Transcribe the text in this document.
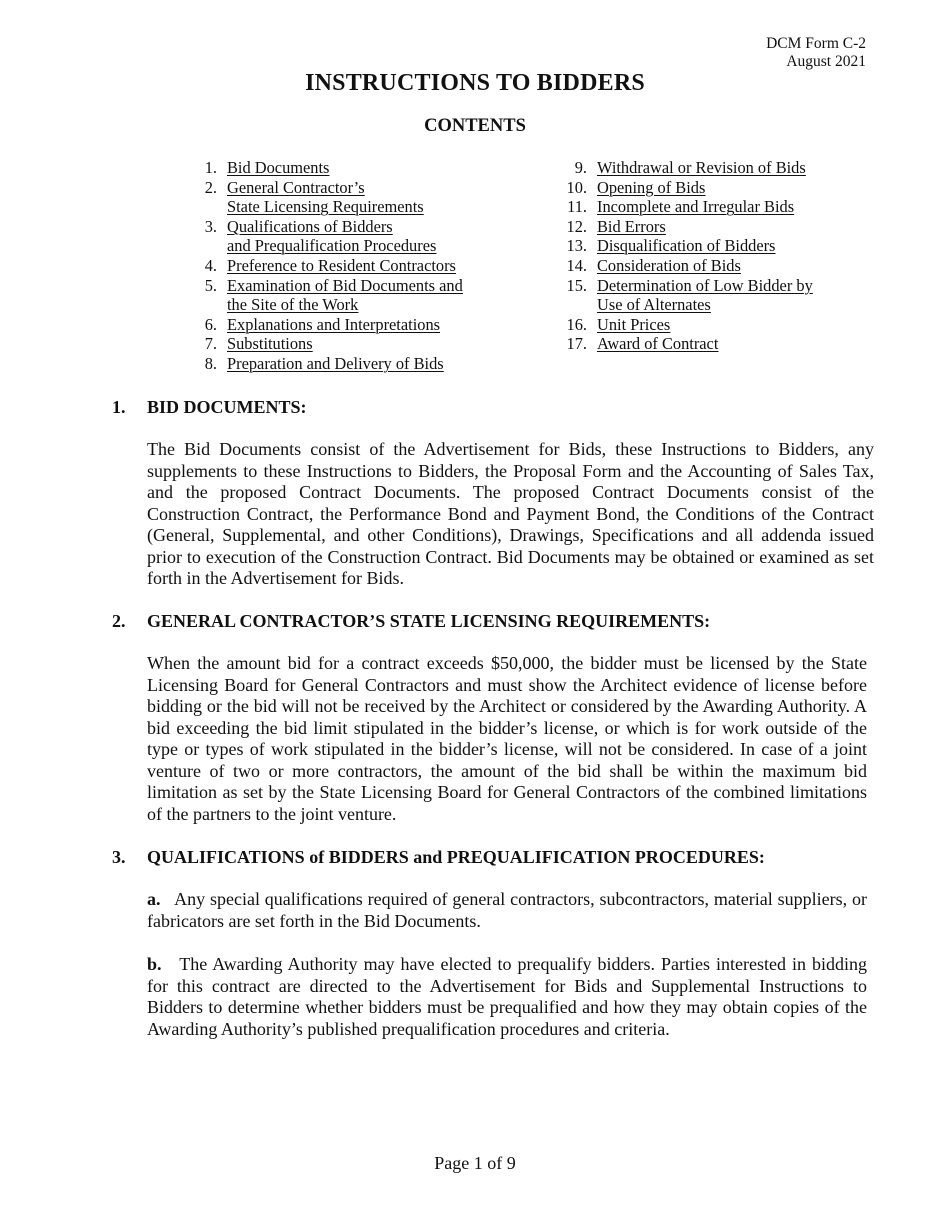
DCM Form C-2
August 2021
INSTRUCTIONS TO BIDDERS
CONTENTS
1. Bid Documents
2. General Contractor’s
State Licensing Requirements
3. Qualifications of Bidders
and Prequalification Procedures
4. Preference to Resident Contractors
5. Examination of Bid Documents and
the Site of the Work
6. Explanations and Interpretations
7. Substitutions
8. Preparation and Delivery of Bids
9. Withdrawal or Revision of Bids
10. Opening of Bids
11. Incomplete and Irregular Bids
12. Bid Errors
13. Disqualification of Bidders
14. Consideration of Bids
15. Determination of Low Bidder by
Use of Alternates
16. Unit Prices
17. Award of Contract
1.	BID DOCUMENTS:
The Bid Documents consist of the Advertisement for Bids, these Instructions to Bidders, any supplements to these Instructions to Bidders, the Proposal Form and the Accounting of Sales Tax, and the proposed Contract Documents. The proposed Contract Documents consist of the Construction Contract, the Performance Bond and Payment Bond, the Conditions of the Contract (General, Supplemental, and other Conditions), Drawings, Specifications and all addenda issued prior to execution of the Construction Contract. Bid Documents may be obtained or examined as set forth in the Advertisement for Bids.
2.	GENERAL CONTRACTOR’S STATE LICENSING REQUIREMENTS:
When the amount bid for a contract exceeds $50,000, the bidder must be licensed by the State Licensing Board for General Contractors and must show the Architect evidence of license before bidding or the bid will not be received by the Architect or considered by the Awarding Authority. A bid exceeding the bid limit stipulated in the bidder’s license, or which is for work outside of the type or types of work stipulated in the bidder’s license, will not be considered. In case of a joint venture of two or more contractors, the amount of the bid shall be within the maximum bid limitation as set by the State Licensing Board for General Contractors of the combined limitations of the partners to the joint venture.
3.	QUALIFICATIONS of BIDDERS and PREQUALIFICATION PROCEDURES:
a. Any special qualifications required of general contractors, subcontractors, material suppliers, or fabricators are set forth in the Bid Documents.
b. The Awarding Authority may have elected to prequalify bidders. Parties interested in bidding for this contract are directed to the Advertisement for Bids and Supplemental Instructions to Bidders to determine whether bidders must be prequalified and how they may obtain copies of the Awarding Authority’s published prequalification procedures and criteria.
Page 1 of 9
